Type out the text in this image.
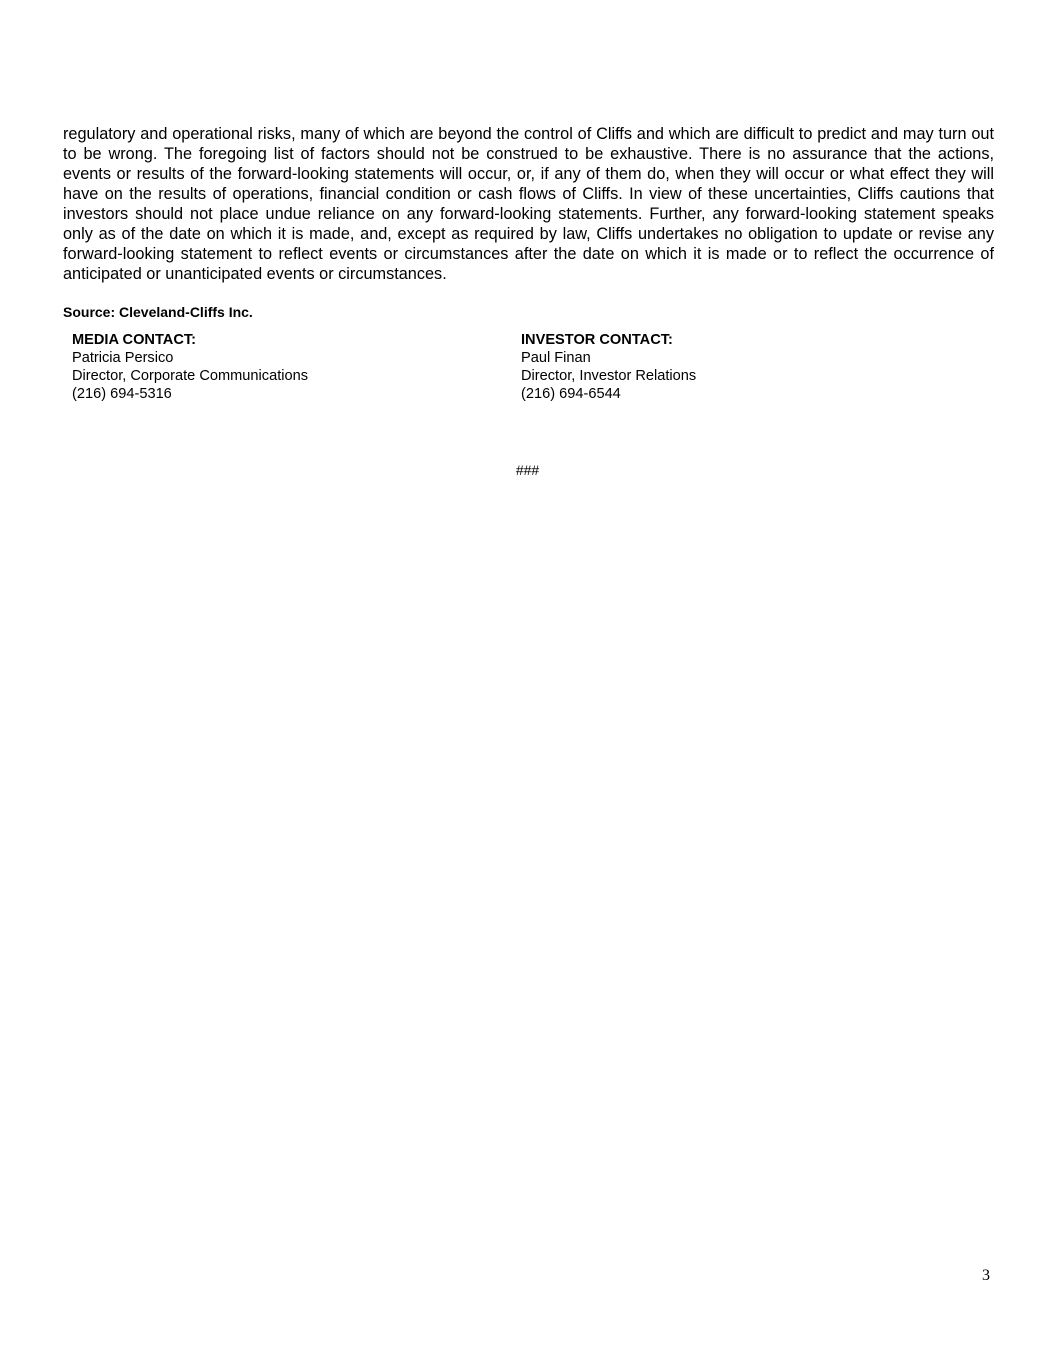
regulatory and operational risks, many of which are beyond the control of Cliffs and which are difficult to predict and may turn out to be wrong. The foregoing list of factors should not be construed to be exhaustive. There is no assurance that the actions, events or results of the forward-looking statements will occur, or, if any of them do, when they will occur or what effect they will have on the results of operations, financial condition or cash flows of Cliffs. In view of these uncertainties, Cliffs cautions that investors should not place undue reliance on any forward-looking statements. Further, any forward-looking statement speaks only as of the date on which it is made, and, except as required by law, Cliffs undertakes no obligation to update or revise any forward-looking statement to reflect events or circumstances after the date on which it is made or to reflect the occurrence of anticipated or unanticipated events or circumstances.

Source: Cleveland-Cliffs Inc.

MEDIA CONTACT:
Patricia Persico
Director, Corporate Communications
(216) 694-5316
INVESTOR CONTACT:
Paul Finan
Director, Investor Relations
(216) 694-6544
###
3
